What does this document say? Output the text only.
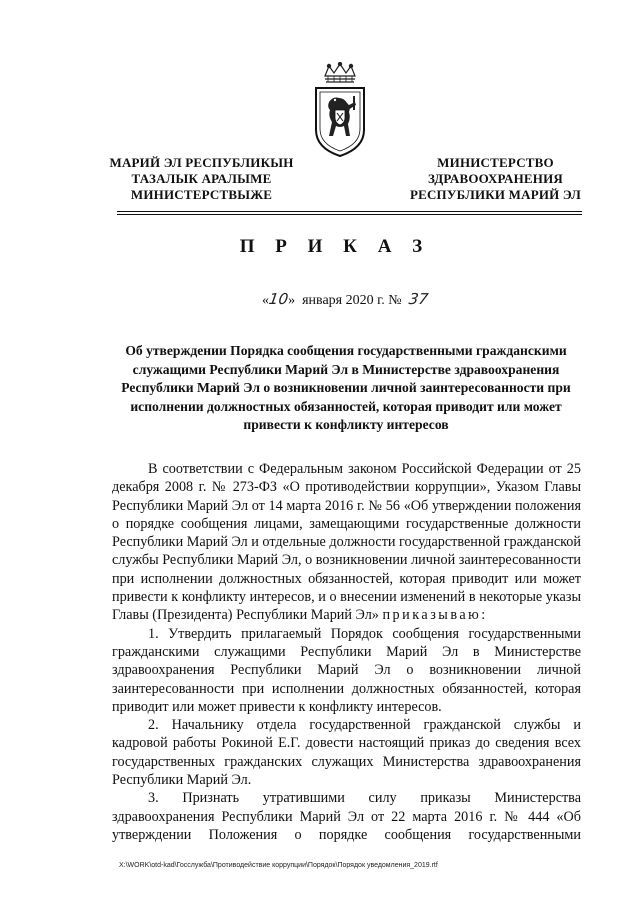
МАРИЙ ЭЛ РЕСПУБЛИКЫН
ТАЗАЛЫК АРАЛЫМЕ
МИНИСТЕРСТВЫЖЕ
МИНИСТЕРСТВО
ЗДРАВООХРАНЕНИЯ
РЕСПУБЛИКИ МАРИЙ ЭЛ
П Р И К А З
«10» января 2020 г. № 37
Об утверждении Порядка сообщения государственными гражданскими служащими Республики Марий Эл в Министерстве здравоохранения Республики Марий Эл о возникновении личной заинтересованности при исполнении должностных обязанностей, которая приводит или может привести к конфликту интересов

В соответствии с Федеральным законом Российской Федерации от 25 декабря 2008 г. № 273-ФЗ «О противодействии коррупции», Указом Главы Республики Марий Эл от 14 марта 2016 г. № 56 «Об утверждении положения о порядке сообщения лицами, замещающими государственные должности Республики Марий Эл и отдельные должности государственной гражданской службы Республики Марий Эл, о возникновении личной заинтересованности при исполнении должностных обязанностей, которая приводит или может привести к конфликту интересов, и о внесении изменений в некоторые указы Главы (Президента) Республики Марий Эл» приказываю:

1. Утвердить прилагаемый Порядок сообщения государственными гражданскими служащими Республики Марий Эл в Министерстве здравоохранения Республики Марий Эл о возникновении личной заинтересованности при исполнении должностных обязанностей, которая приводит или может привести к конфликту интересов.

2. Начальнику отдела государственной гражданской службы и кадровой работы Рокиной Е.Г. довести настоящий приказ до сведения всех государственных гражданских служащих Министерства здравоохранения Республики Марий Эл.

3. Признать утратившими силу приказы Министерства здравоохранения Республики Марий Эл от 22 марта 2016 г. № 444 «Об утверждении Положения о порядке сообщения государственными

X:\WORK\otd-kad\Госслужба\Противодействие коррупции\Порядок\Порядок уведомления_2019.rtf
